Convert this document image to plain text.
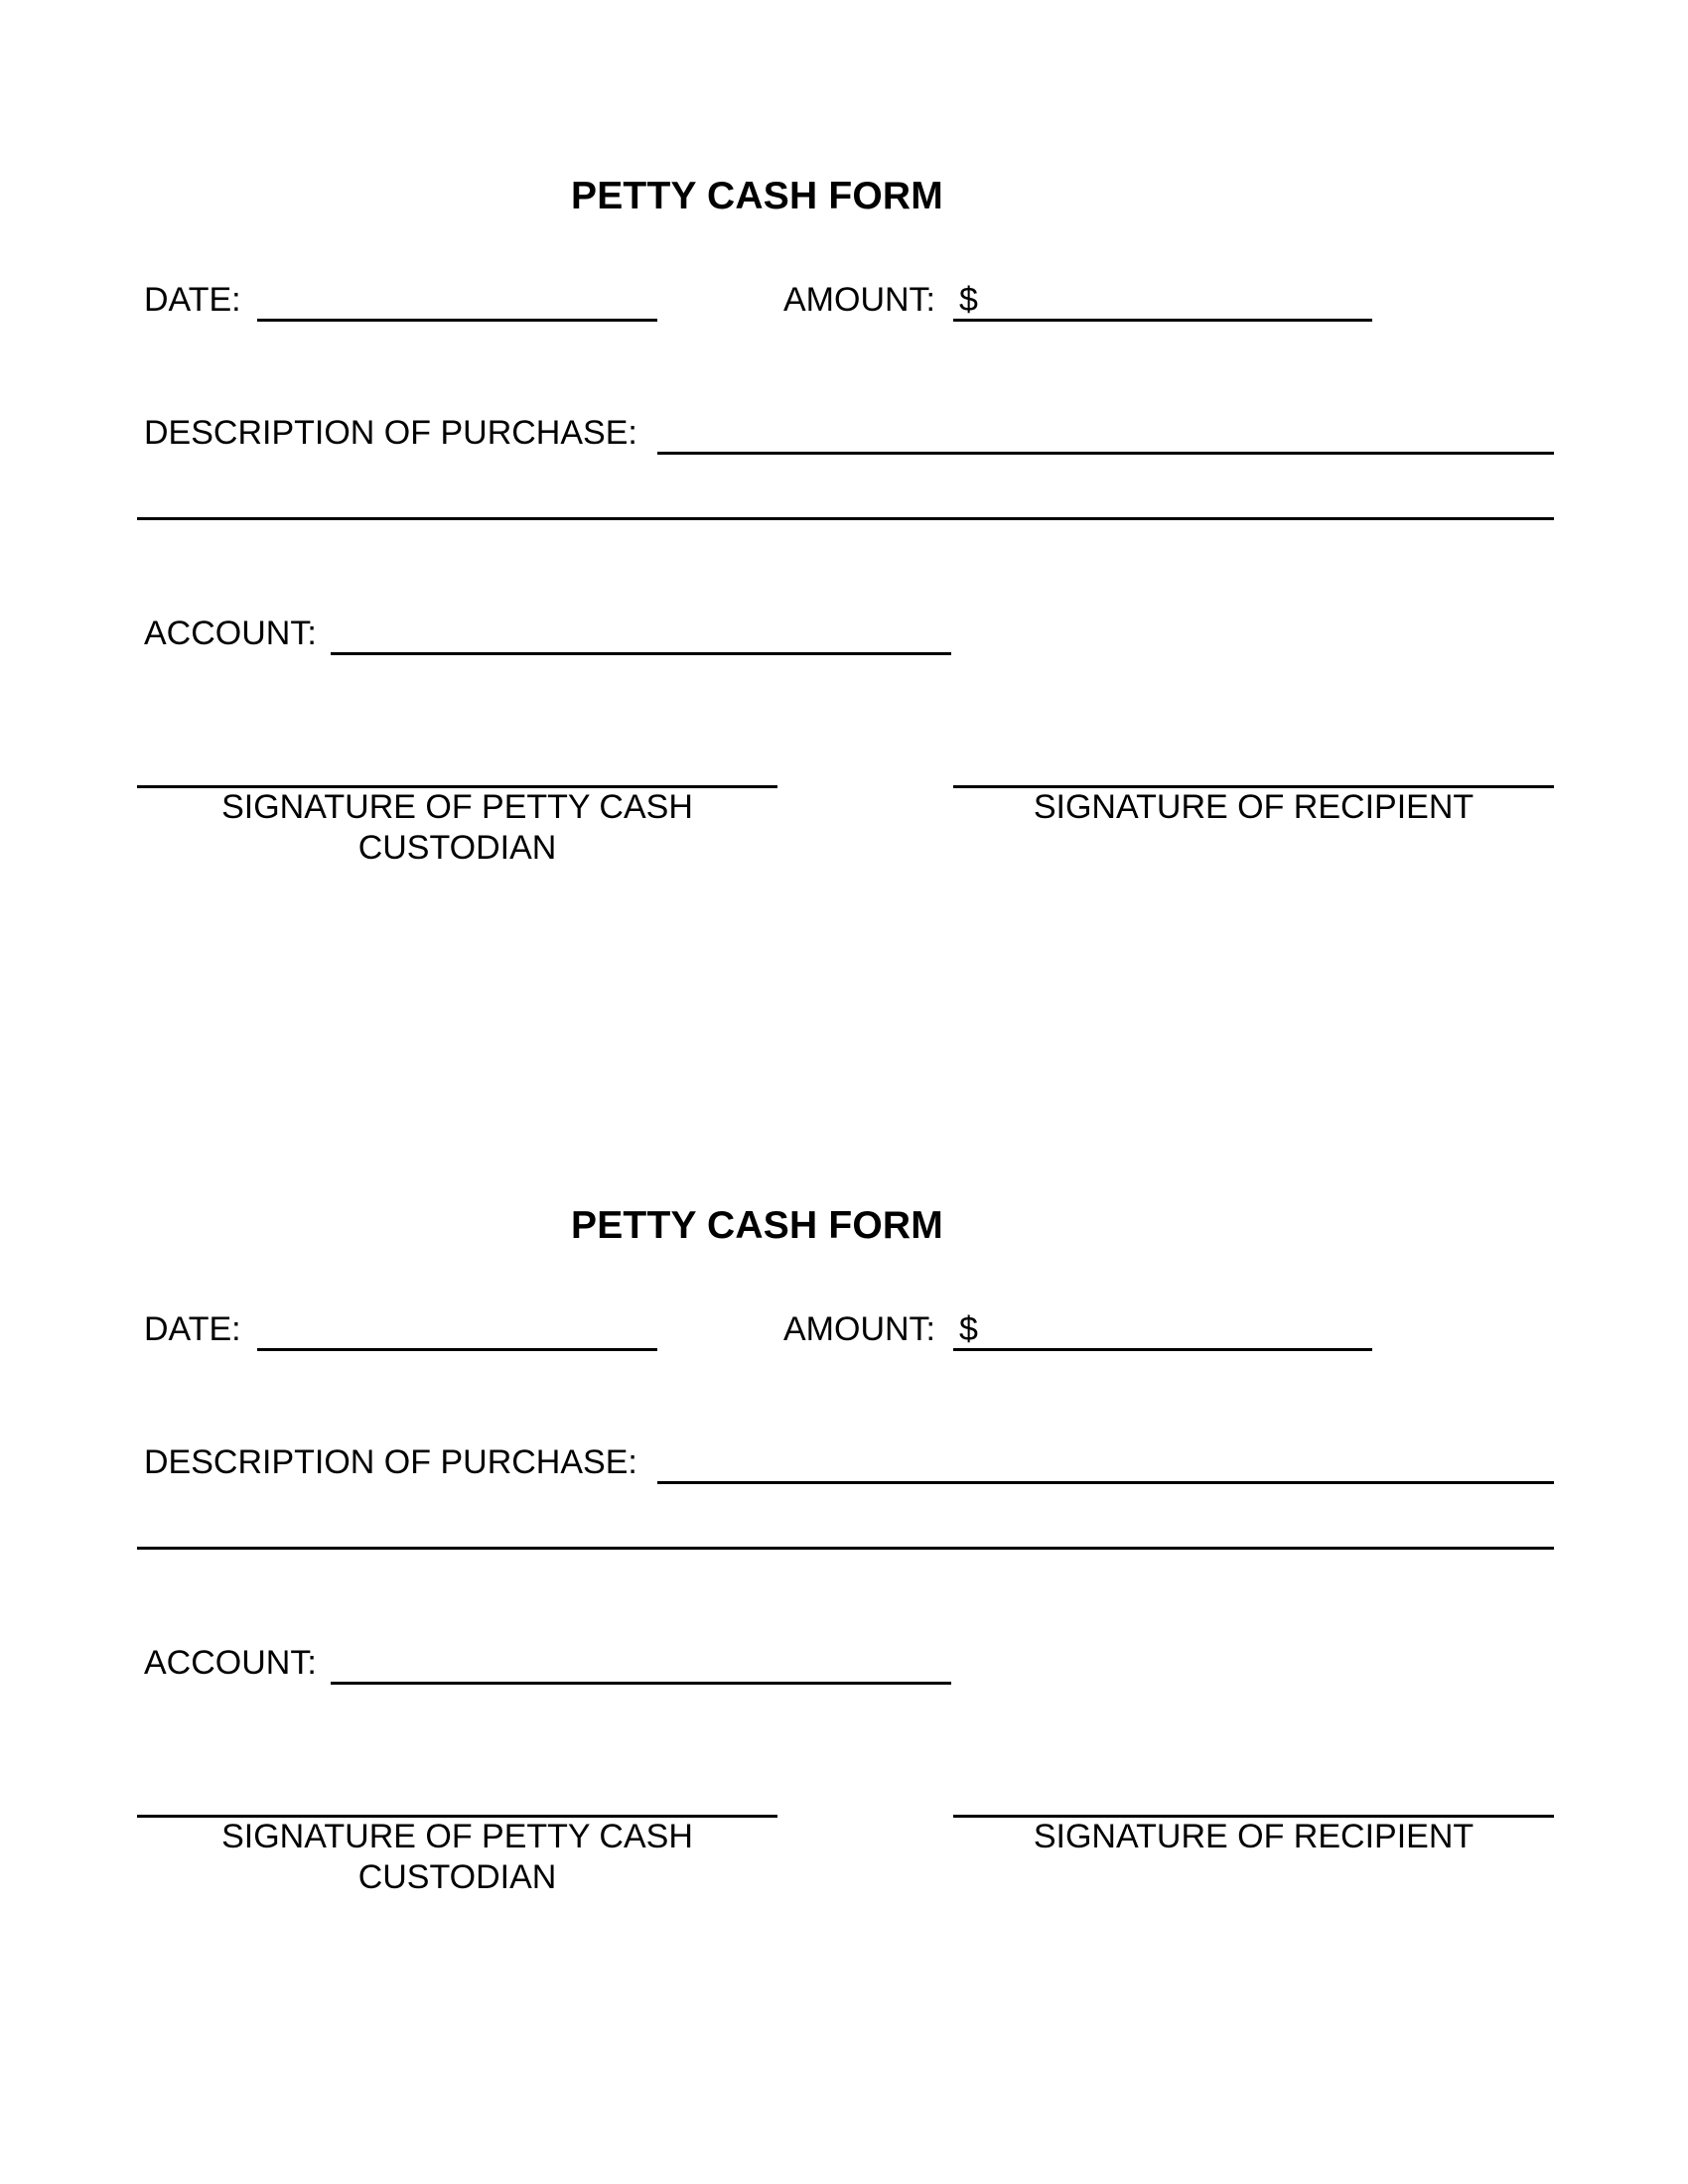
PETTY CASH FORM
DATE:	AMOUNT: $
DESCRIPTION OF PURCHASE:
ACCOUNT:
SIGNATURE OF PETTY CASH CUSTODIAN
SIGNATURE OF RECIPIENT
PETTY CASH FORM
DATE:	AMOUNT: $
DESCRIPTION OF PURCHASE:
ACCOUNT:
SIGNATURE OF PETTY CASH CUSTODIAN
SIGNATURE OF RECIPIENT
